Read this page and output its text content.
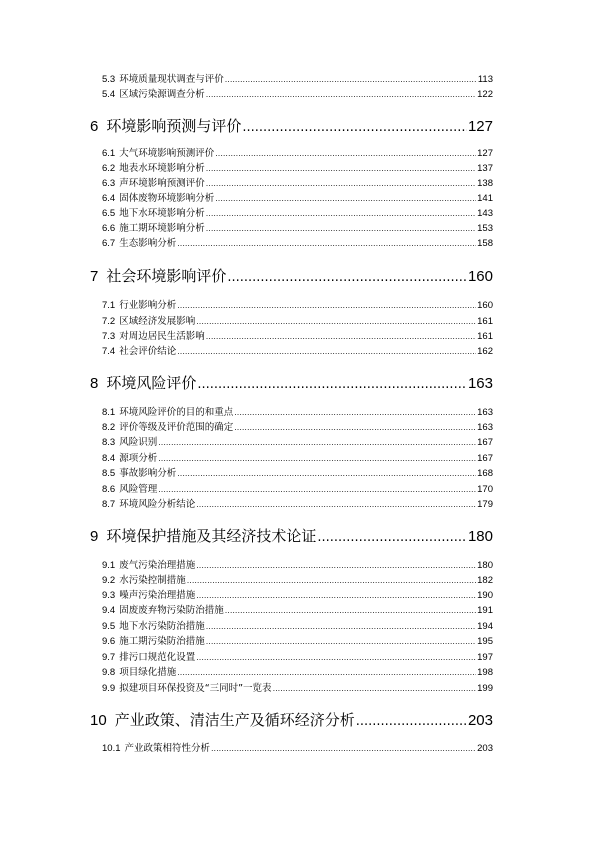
5.3 环境质量现状调查与评价 .....	113
5.4 区域污染源调查分析 .....	122
6 环境影响预测与评价 .....	127
6.1 大气环境影响预测评价 .....	127
6.2 地表水环境影响分析 .....	137
6.3 声环境影响预测评价 .....	138
6.4 固体废物环境影响分析 .....	141
6.5 地下水环境影响分析 .....	143
6.6 施工期环境影响分析 .....	153
6.7 生态影响分析 .....	158
7 社会环境影响评价 .....	160
7.1 行业影响分析 .....	160
7.2 区域经济发展影响 .....	161
7.3 对周边居民生活影响 .....	161
7.4 社会评价结论 .....	162
8 环境风险评价 .....	163
8.1 环境风险评价的目的和重点 .....	163
8.2 评价等级及评价范围的确定 .....	163
8.3 风险识别 .....	167
8.4 源项分析 .....	167
8.5 事故影响分析 .....	168
8.6 风险管理 .....	170
8.7 环境风险分析结论 .....	179
9 环境保护措施及其经济技术论证 .....	180
9.1 废气污染治理措施 .....	180
9.2 水污染控制措施 .....	182
9.3 噪声污染治理措施 .....	190
9.4 固废废弃物污染防治措施 .....	191
9.5 地下水污染防治措施 .....	194
9.6 施工期污染防治措施 .....	195
9.7 排污口规范化设置 .....	197
9.8 项目绿化措施 .....	198
9.9 拟建项目环保投资及“三同时”一览表 .....	199
10 产业政策、清洁生产及循环经济分析 .....	203
10.1 产业政策相符性分析 .....	203
